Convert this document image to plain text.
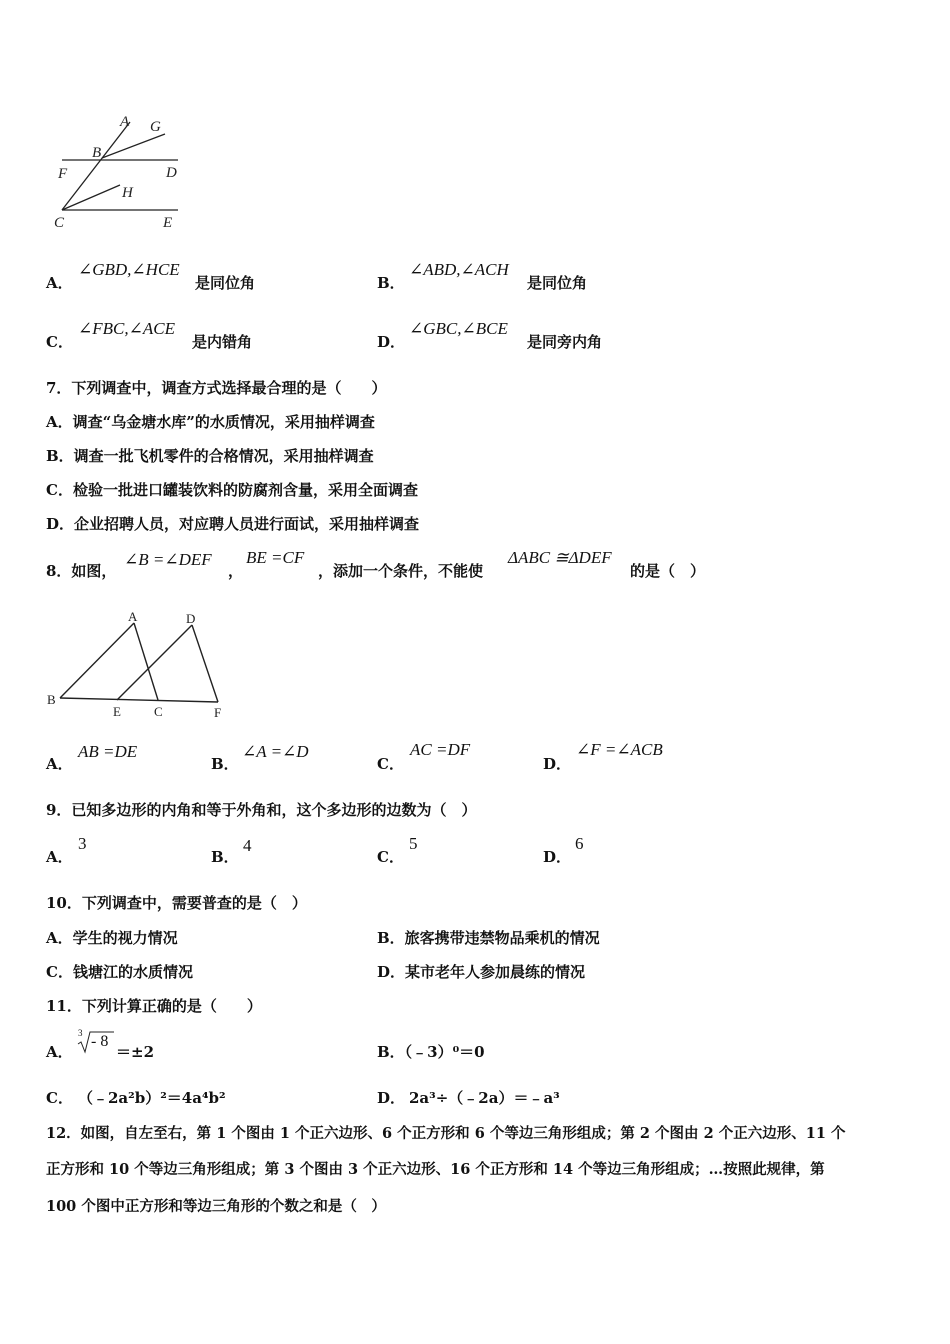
A G
B
F	D
H
C	E
A．
∠GBD,∠HCE
是同位角	B．
∠ABD,∠ACH
是同位角
C．
∠FBC,∠ACE
是内错角	D．
∠GBC,∠BCE
是同旁内角
7．下列调查中，调查方式选择最合理的是（　　）
A．调查“乌金塘水库”的水质情况，采用抽样调查
B．调查一批飞机零件的合格情况，采用抽样调查
C．检验一批进口罐装饮料的防腐剂含量，采用全面调查
D．企业招聘人员，对应聘人员进行面试，采用抽样调查
8．如图，
∠B =∠DEF
，
BE =CF
，添加一个条件，不能使
ΔABC ≅ΔDEF
的是（　）
A	D
B
E	C	F
A．
AB =DE
B．
∠A =∠D
C．
AC =DF
D．
∠F =∠ACB
9．已知多边形的内角和等于外角和，这个多边形的边数为（　）
A．
3
B．
4
C．
5
D．
6
10．下列调查中，需要普查的是（　）
A．学生的视力情况	B．旅客携带违禁物品乘机的情况
C．钱塘江的水质情况	D．某市老年人参加晨练的情况
11．下列计算正确的是（　　）
A．
3 - 8
＝±2	B．（﹣3）⁰＝0
C． （﹣2a²b）²＝4a⁴b²	D． 2a³÷（﹣2a）＝﹣a³
12．如图，自左至右，第 1 个图由 1 个正六边形、6 个正方形和 6 个等边三角形组成；第 2 个图由 2 个正六边形、11 个
正方形和 10 个等边三角形组成；第 3 个图由 3 个正六边形、16 个正方形和 14 个等边三角形组成；…按照此规律，第
100 个图中正方形和等边三角形的个数之和是（　）
